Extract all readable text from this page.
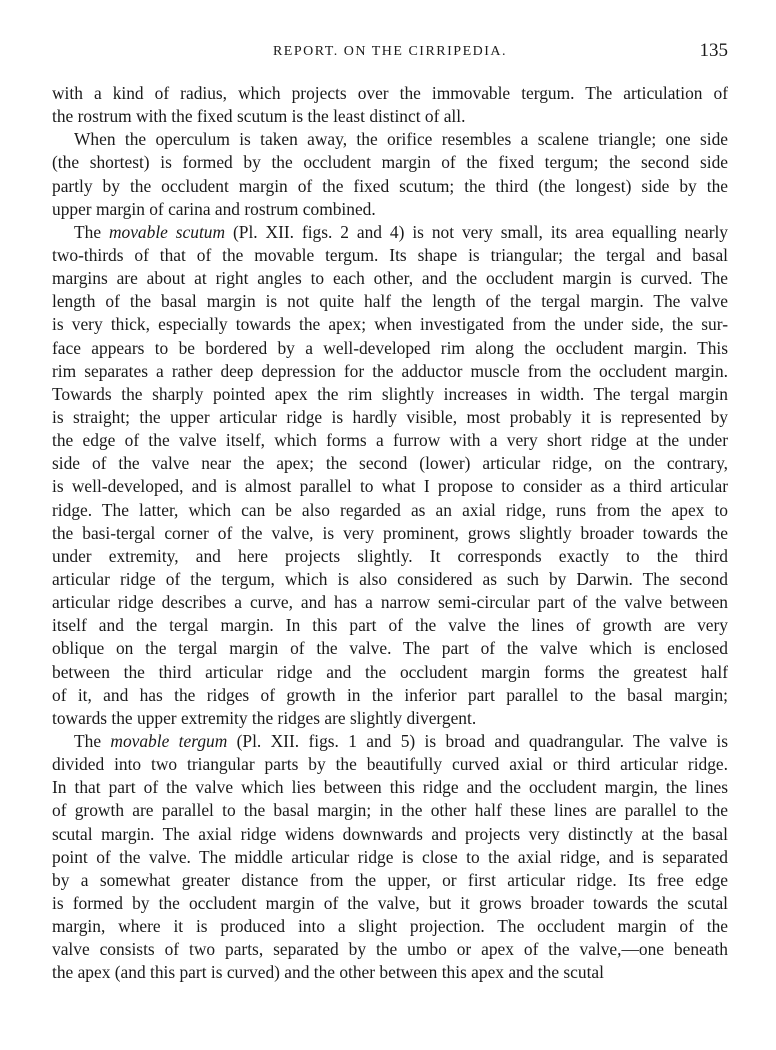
REPORT. ON THE CIRRIPEDIA.	135
with a kind of radius, which projects over the immovable tergum. The articulation of
the rostrum with the fixed scutum is the least distinct of all.
When the operculum is taken away, the orifice resembles a scalene triangle; one side
(the shortest) is formed by the occludent margin of the fixed tergum; the second side
partly by the occludent margin of the fixed scutum; the third (the longest) side by the
upper margin of carina and rostrum combined.
The movable scutum (Pl. XII. figs. 2 and 4) is not very small, its area equalling nearly
two-thirds of that of the movable tergum. Its shape is triangular; the tergal and basal
margins are about at right angles to each other, and the occludent margin is curved. The
length of the basal margin is not quite half the length of the tergal margin. The valve
is very thick, especially towards the apex; when investigated from the under side, the sur-
face appears to be bordered by a well-developed rim along the occludent margin. This
rim separates a rather deep depression for the adductor muscle from the occludent margin.
Towards the sharply pointed apex the rim slightly increases in width. The tergal margin
is straight; the upper articular ridge is hardly visible, most probably it is represented by
the edge of the valve itself, which forms a furrow with a very short ridge at the under
side of the valve near the apex; the second (lower) articular ridge, on the contrary,
is well-developed, and is almost parallel to what I propose to consider as a third articular
ridge. The latter, which can be also regarded as an axial ridge, runs from the apex to
the basi-tergal corner of the valve, is very prominent, grows slightly broader towards the
under extremity, and here projects slightly. It corresponds exactly to the third
articular ridge of the tergum, which is also considered as such by Darwin. The second
articular ridge describes a curve, and has a narrow semi-circular part of the valve between
itself and the tergal margin. In this part of the valve the lines of growth are very
oblique on the tergal margin of the valve. The part of the valve which is enclosed
between the third articular ridge and the occludent margin forms the greatest half
of it, and has the ridges of growth in the inferior part parallel to the basal margin;
towards the upper extremity the ridges are slightly divergent.
The movable tergum (Pl. XII. figs. 1 and 5) is broad and quadrangular. The valve is
divided into two triangular parts by the beautifully curved axial or third articular ridge.
In that part of the valve which lies between this ridge and the occludent margin, the lines
of growth are parallel to the basal margin; in the other half these lines are parallel to the
scutal margin. The axial ridge widens downwards and projects very distinctly at the basal
point of the valve. The middle articular ridge is close to the axial ridge, and is separated
by a somewhat greater distance from the upper, or first articular ridge. Its free edge
is formed by the occludent margin of the valve, but it grows broader towards the scutal
margin, where it is produced into a slight projection. The occludent margin of the
valve consists of two parts, separated by the umbo or apex of the valve,—one beneath
the apex (and this part is curved) and the other between this apex and the scutal
